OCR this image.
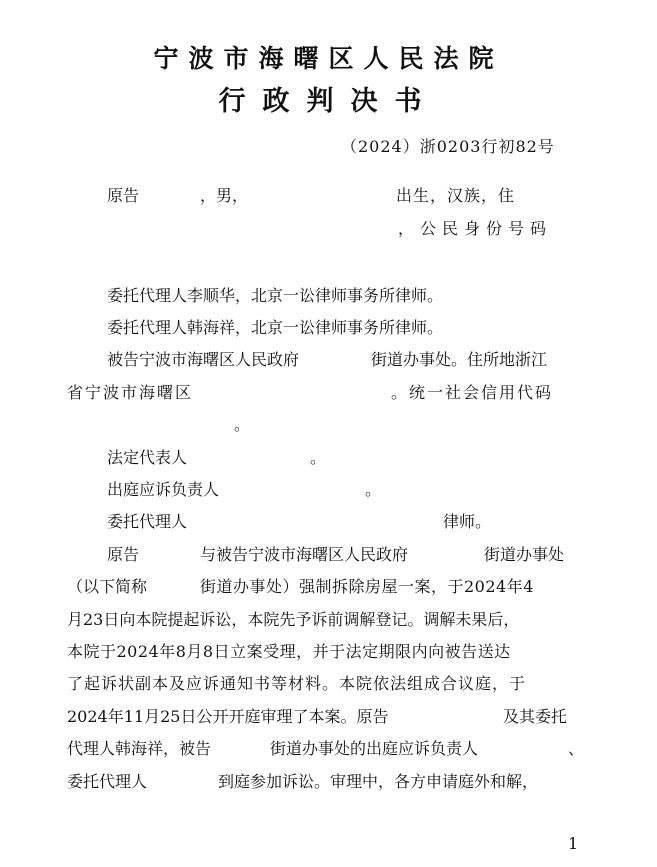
宁波市海曙区人民法院
行政判决书
（2024）浙0203行初82号
原告	，男，	出生，汉族，住
，公民身份号码
委托代理人李顺华，北京一讼律师事务所律师。
委托代理人韩海祥，北京一讼律师事务所律师。
被告宁波市海曙区人民政府	街道办事处。住所地浙江
省宁波市海曙区	。统一社会信用代码
。
法定代表人	。
出庭应诉负责人	。
委托代理人	律师。
原告	与被告宁波市海曙区人民政府	街道办事处
（以下简称	街道办事处）强制拆除房屋一案，于2024年4
月23日向本院提起诉讼，本院先予诉前调解登记。调解未果后，
本院于2024年8月8日立案受理，并于法定期限内向被告送达
了起诉状副本及应诉通知书等材料。本院依法组成合议庭，于
2024年11月25日公开开庭审理了本案。原告	及其委托
代理人韩海祥，被告	街道办事处的出庭应诉负责人	、
委托代理人	到庭参加诉讼。审理中，各方申请庭外和解，
1
